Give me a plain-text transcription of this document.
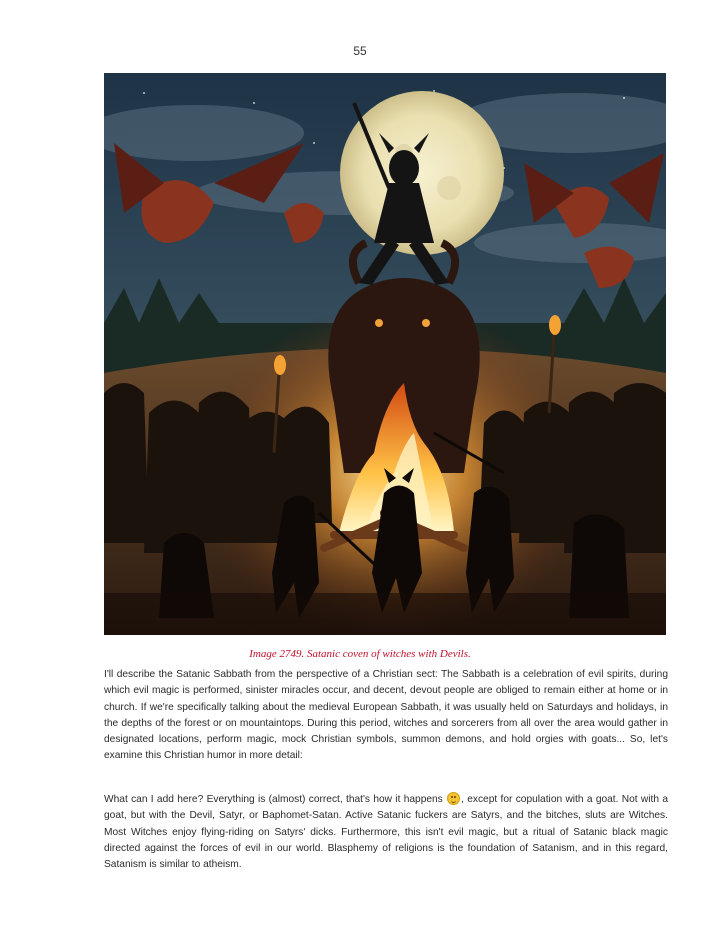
55
Image 2749. Satanic coven of witches with Devils.

I'll describe the Satanic Sabbath from the perspective of a Christian sect: The Sabbath is a celebration of evil spirits, during which evil magic is performed, sinister miracles occur, and decent, devout people are obliged to remain either at home or in church. If we're specifically talking about the medieval European Sabbath, it was usually held on Saturdays and holidays, in the depths of the forest or on mountaintops. During this period, witches and sorcerers from all over the area would gather in designated locations, perform magic, mock Christian symbols, summon demons, and hold orgies with goats... So, let's examine this Christian humor in more detail:

What can I add here? Everything is (almost) correct, that's how it happens
, except for copulation with a goat. Not with a goat, but with the Devil, Satyr, or Baphomet-Satan. Active Satanic fuckers are Satyrs, and the bitches, sluts are Witches. Most Witches enjoy flying-riding on Satyrs' dicks. Furthermore, this isn't evil magic, but a ritual of Satanic black magic directed against the forces of evil in our world. Blasphemy of religions is the foundation of Satanism, and in this regard, Satanism is similar to atheism.
